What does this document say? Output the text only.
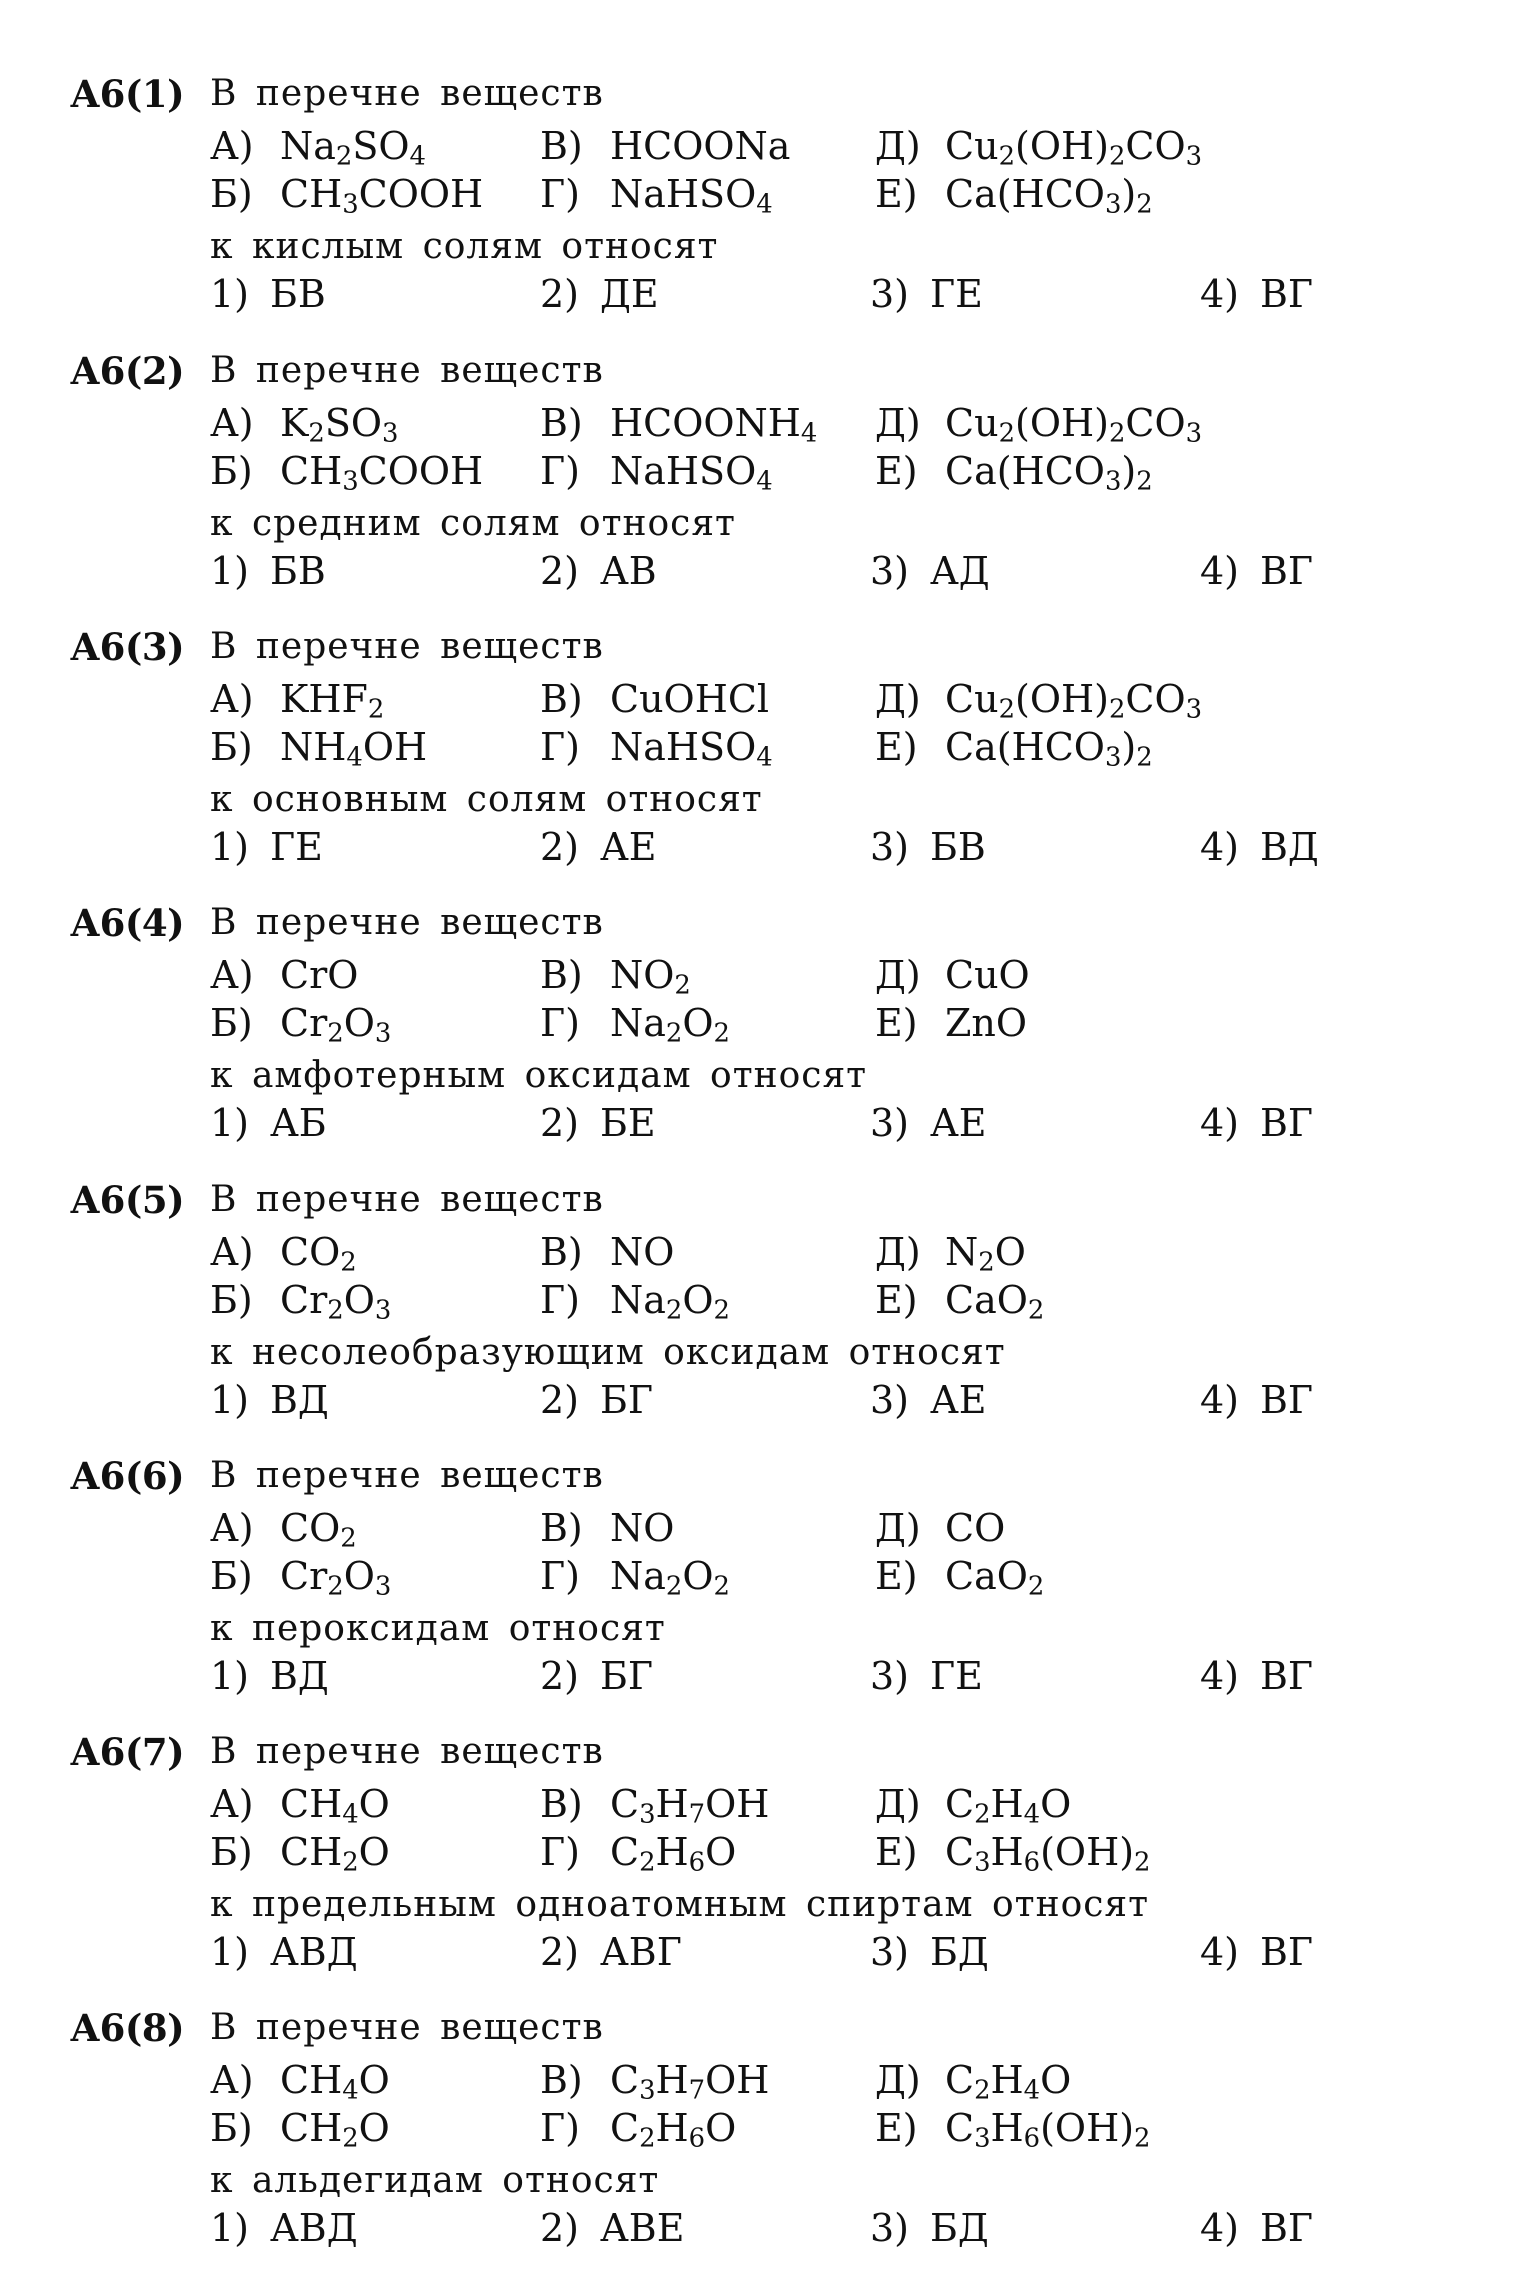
А6(1) В перечне веществ
А) $Na_2SO_4$	В) HCOONa Д) $Cu_2(OH)_2CO_3$
Б) $CH_3COOH$ Г) NaHSO$_4$	Е) $Ca(HCO_3)_2$
к кислым солям относят
1) БВ	2) ДЕ	3) ГЕ	4) ВГ
А6(2) В перечне веществ
А) $K_2SO_3$	В) $HCOONH_4$ Д) $Cu_2(OH)_2CO_3$
Б) $CH_3COOH$ Г) NaHSO$_4$	Е) $Ca(HCO_3)_2$
к средним солям относят
1) БВ	2) АВ	3) АД	4) ВГ
А6(3) В перечне веществ
А) $KHF_2$	В) CuOHCl	Д) $Cu_2(OH)_2CO_3$
Б) $NH_4OH$	Г) NaHSO$_4$	Е) $Ca(HCO_3)_2$
к основным солям относят
1) ГЕ	2) АЕ	3) БВ	4) ВД
А6(4) В перечне веществ
А) CrO	В) $NO_2$	Д) CuO
Б) $Cr_2O_3$	Г) $Na_2O_2$	Е) ZnO
к амфотерным оксидам относят
1) АБ	2) БЕ	3) АЕ	4) ВГ
А6(5) В перечне веществ
А) $CO_2$	В) NO	Д) $N_2O$
Б) $Cr_2O_3$	Г) $Na_2O_2$	Е) CaO$_2$
к несолеобразующим оксидам относят
1) ВД	2) БГ	3) АЕ	4) ВГ
А6(6) В перечне веществ
А) $CO_2$	В) NO	Д) CO
Б) $Cr_2O_3$	Г) $Na_2O_2$	Е) CaO$_2$
к пероксидам относят
1) ВД	2) БГ	3) ГЕ	4) ВГ
А6(7) В перечне веществ
А) $CH_4O$	В) $C_3H_7OH$	Д) $C_2H_4O$
Б) $CH_2O$	Г) $C_2H_6O$	Е) $C_3H_6(OH)_2$
к предельным одноатомным спиртам относят
1) АВД	2) АВГ	3) БД	4) ВГ
А6(8) В перечне веществ
А) $CH_4O$	В) $C_3H_7OH$	Д) $C_2H_4O$
Б) $CH_2O$	Г) $C_2H_6O$	Е) $C_3H_6(OH)_2$
к альдегидам относят
1) АВД	2) АВЕ	3) БД	4) ВГ
